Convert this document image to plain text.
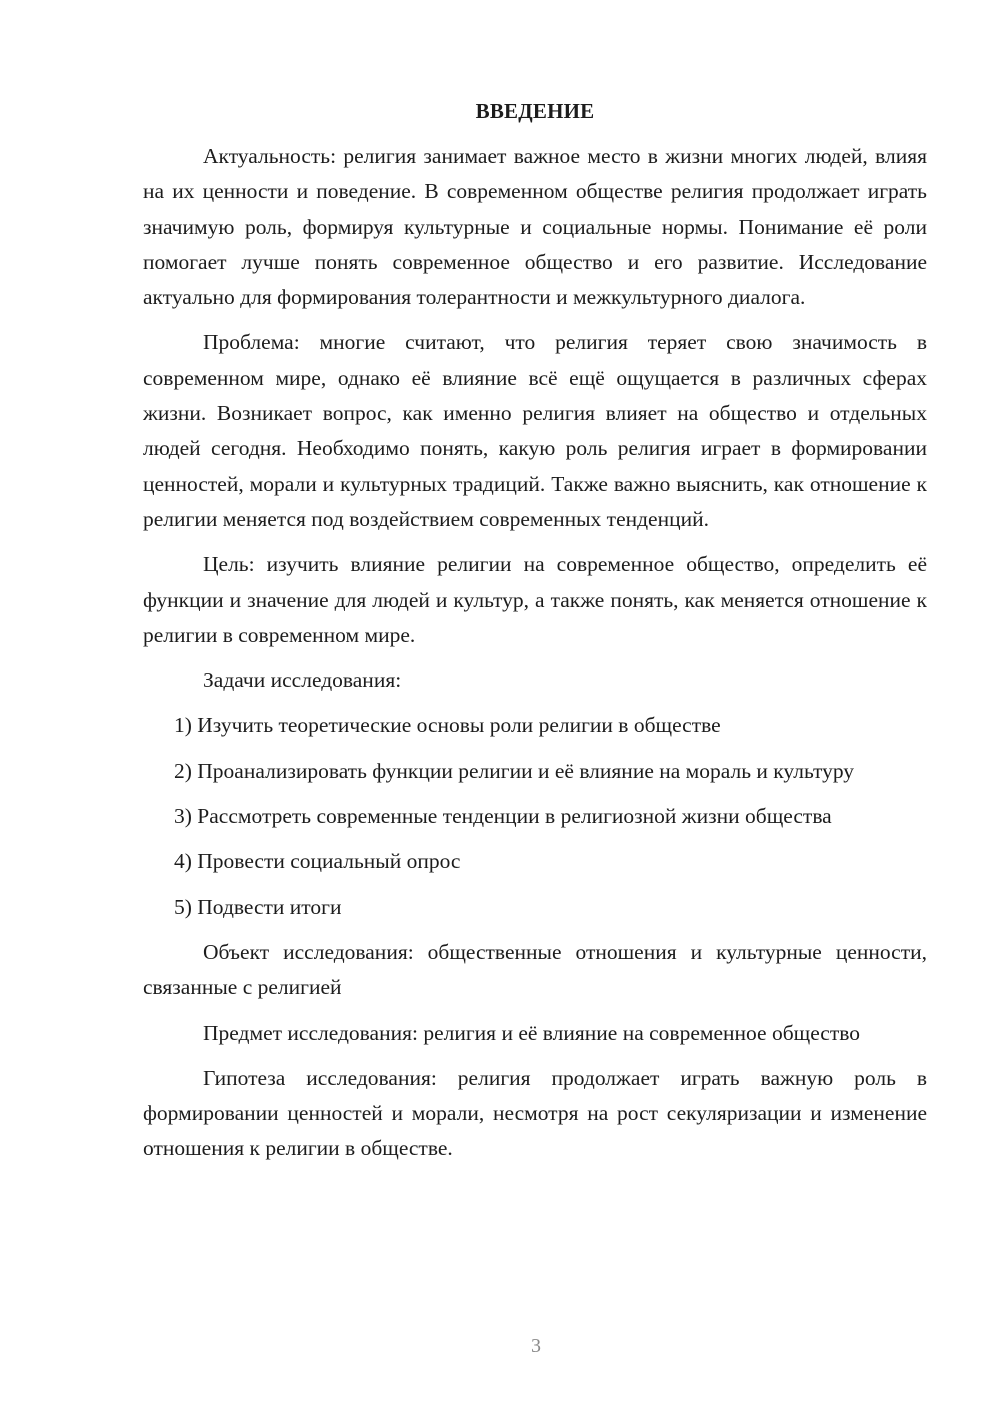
ВВЕДЕНИЕ

Актуальность: религия занимает важное место в жизни многих людей, влияя на их ценности и поведение. В современном обществе религия продолжает играть значимую роль, формируя культурные и социальные нормы. Понимание её роли помогает лучше понять современное общество и его развитие. Исследование актуально для формирования толерантности и межкультурного диалога.

Проблема: многие считают, что религия теряет свою значимость в современном мире, однако её влияние всё ещё ощущается в различных сферах жизни. Возникает вопрос, как именно религия влияет на общество и отдельных людей сегодня. Необходимо понять, какую роль религия играет в формировании ценностей, морали и культурных традиций. Также важно выяснить, как отношение к религии меняется под воздействием современных тенденций.

Цель: изучить влияние религии на современное общество, определить её функции и значение для людей и культур, а также понять, как меняется отношение к религии в современном мире.

Задачи исследования:

1) Изучить теоретические основы роли религии в обществе

2) Проанализировать функции религии и её влияние на мораль и культуру

3) Рассмотреть современные тенденции в религиозной жизни общества

4) Провести социальный опрос

5) Подвести итоги

Объект исследования: общественные отношения и культурные ценности, связанные с религией

Предмет исследования: религия и её влияние на современное общество

Гипотеза исследования: религия продолжает играть важную роль в формировании ценностей и морали, несмотря на рост секуляризации и изменение отношения к религии в обществе.

3
